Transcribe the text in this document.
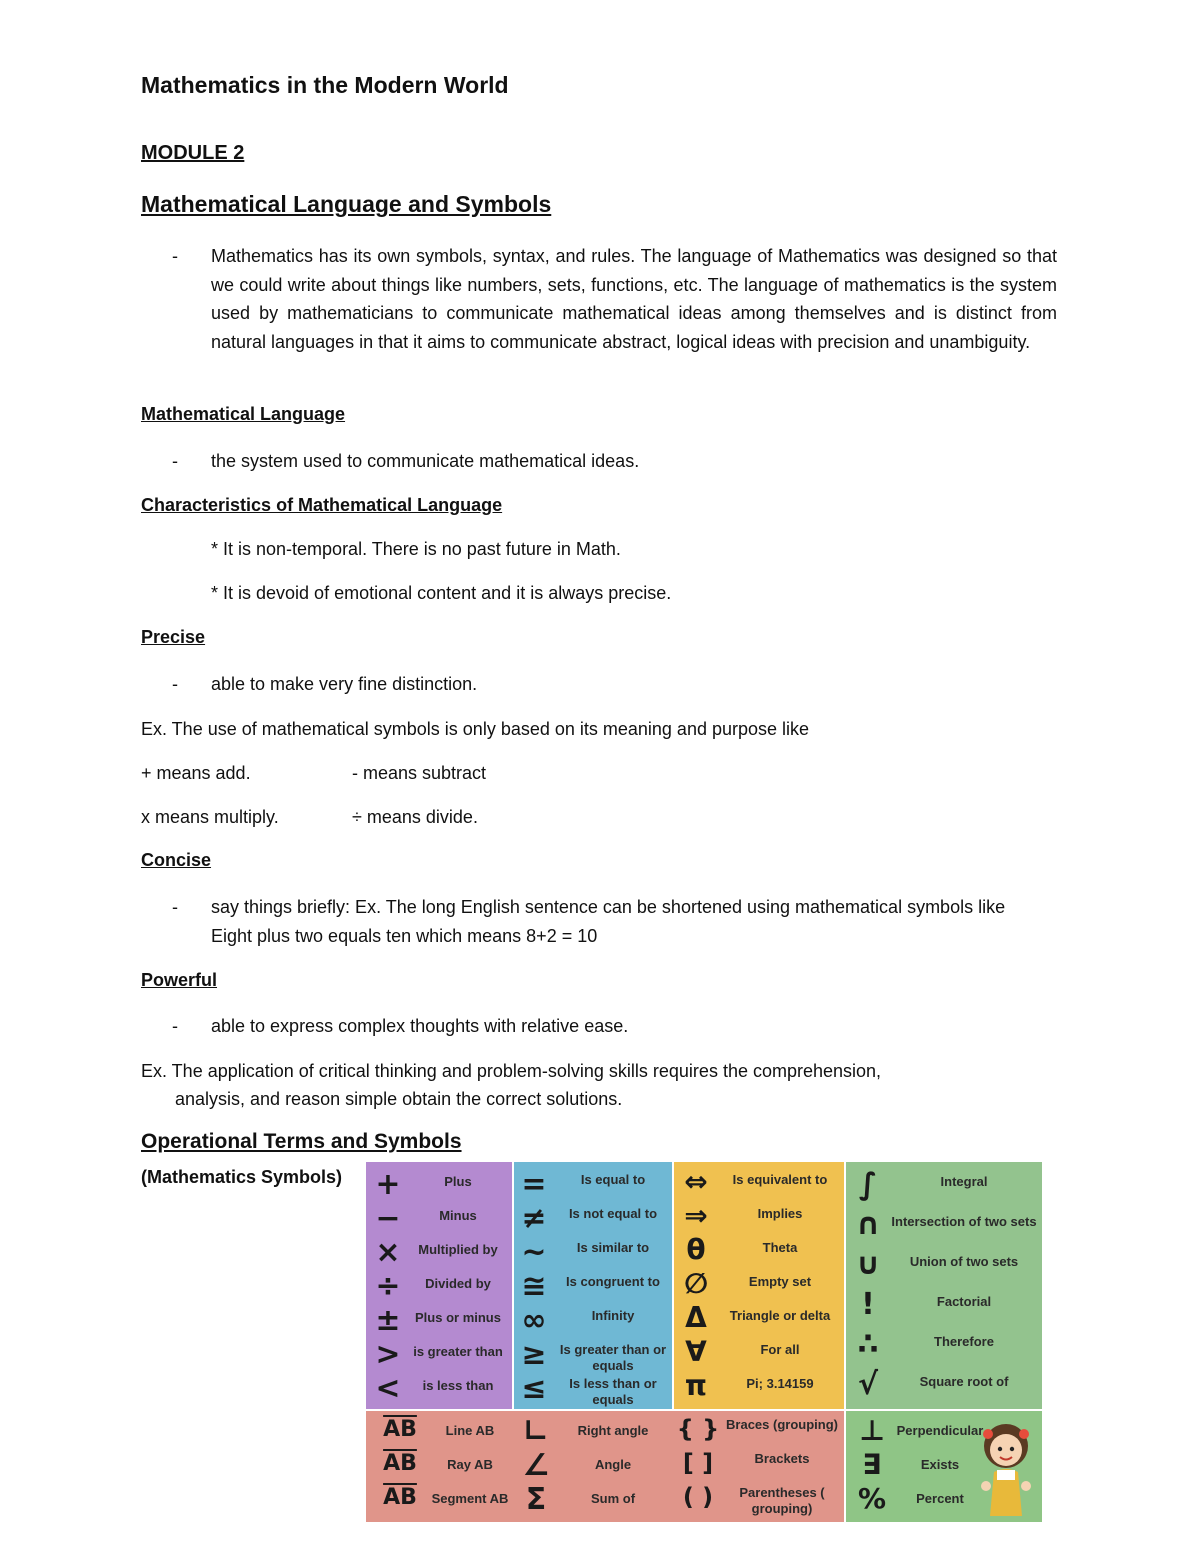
Mathematics in the Modern World
MODULE 2
Mathematical Language and Symbols
- Mathematics has its own symbols, syntax, and rules. The language of Mathematics was designed so that we could write about things like numbers, sets, functions, etc. The language of mathematics is the system used by mathematicians to communicate mathematical ideas among themselves and is distinct from natural languages in that it aims to communicate abstract, logical ideas with precision and unambiguity.
Mathematical Language
- the system used to communicate mathematical ideas.
Characteristics of Mathematical Language
* It is non-temporal. There is no past future in Math.
* It is devoid of emotional content and it is always precise.
Precise
- able to make very fine distinction.
Ex. The use of mathematical symbols is only based on its meaning and purpose like
+ means add.	- means subtract
x means multiply.	÷ means divide.
Concise
- say things briefly: Ex. The long English sentence can be shortened using mathematical symbols like Eight plus two equals ten which means 8+2 = 10
Powerful
- able to express complex thoughts with relative ease.
Ex. The application of critical thinking and problem-solving skills requires the comprehension,
analysis, and reason simple obtain the correct solutions.
Operational Terms and Symbols
(Mathematics Symbols) +	Plus
−	Minus
×	Multiplied by
÷	Divided by
±	Plus or minus
> is greater than
<	is less than
=	Is equal to
≠	Is not equal to
~	Is similar to
≅	Is congruent to
∞	Infinity
≥	Is greater than or equals
≤	Is less than or equals
⇔	Is equivalent to
⇒	Implies
θ	Theta
∅	Empty set
Δ	Triangle or delta
∀	For all
π	Pi; 3.14159
∫	Integral
∩ Intersection of two sets
∪	Union of two sets
!	Factorial
∴	Therefore
√	Square root of
$\overline{AB}$	Line AB
$\overline{AB}$	Ray AB
$\overline{AB}$	Segment AB
∟	Right angle
∠	Angle
Σ	Sum of
{ } Braces (grouping)
[ ]	Brackets
( )	Parentheses ( grouping)
⊥ Perpendicular
∃	Exists
%	Percent
